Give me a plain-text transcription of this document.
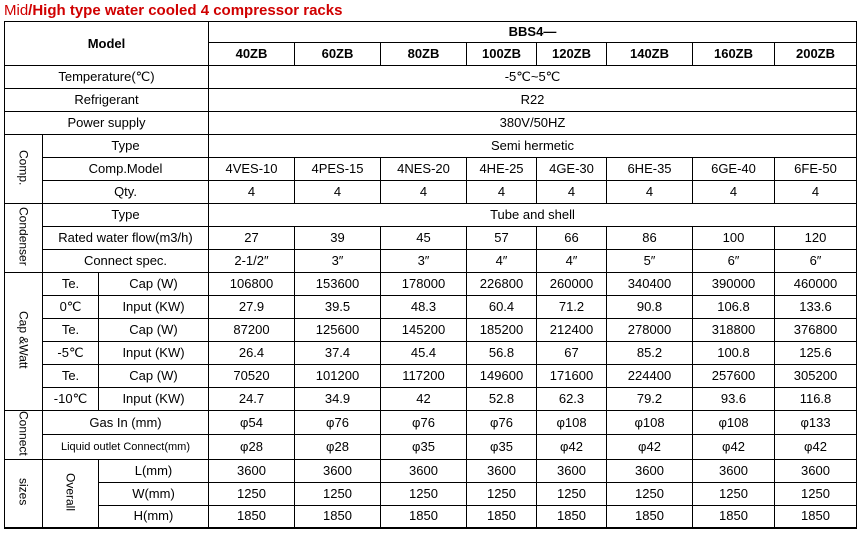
Mid/High type water cooled 4 compressor racks
Model			BBS4—							
			40ZB	60ZB	80ZB	100ZB	120ZB	140ZB	160ZB	200ZB
Temperature(℃)			-5℃~5℃							
Refrigerant			R22							
Power supply			380V/50HZ							
Comp.	Type		Semi hermetic							
	Comp.Model		4VES-10	4PES-15	4NES-20	4HE-25	4GE-30	6HE-35	6GE-40	6FE-50
	Qty.		4	4	4	4	4	4	4	4
Condenser	Type		Tube and shell							
	Rated water flow(m3/h)		27	39	45	57	66	86	100	120
	Connect spec.		2-1/2″	3″	3″	4″	4″	5″	6″	6″
Cap &Watt	Te.	Cap (W)	106800	153600	178000	226800	260000	340400	390000	460000
	0℃	Input (KW)	27.9	39.5	48.3	60.4	71.2	90.8	106.8	133.6
	Te.	Cap (W)	87200	125600	145200	185200	212400	278000	318800	376800
	-5℃	Input (KW)	26.4	37.4	45.4	56.8	67	85.2	100.8	125.6
	Te.	Cap (W)	70520	101200	117200	149600	171600	224400	257600	305200
	-10℃	Input (KW)	24.7	34.9	42	52.8	62.3	79.2	93.6	116.8
Connect	Gas In (mm)		φ54	φ76	φ76	φ76	φ108	φ108	φ108	φ133
	Liquid outlet Connect(mm)		φ28	φ28	φ35	φ35	φ42	φ42	φ42	φ42
sizes	Overall	L(mm)	3600	3600	3600	3600	3600	3600	3600	3600
		W(mm)	1250	1250	1250	1250	1250	1250	1250	1250
		H(mm)	1850	1850	1850	1850	1850	1850	1850	1850
